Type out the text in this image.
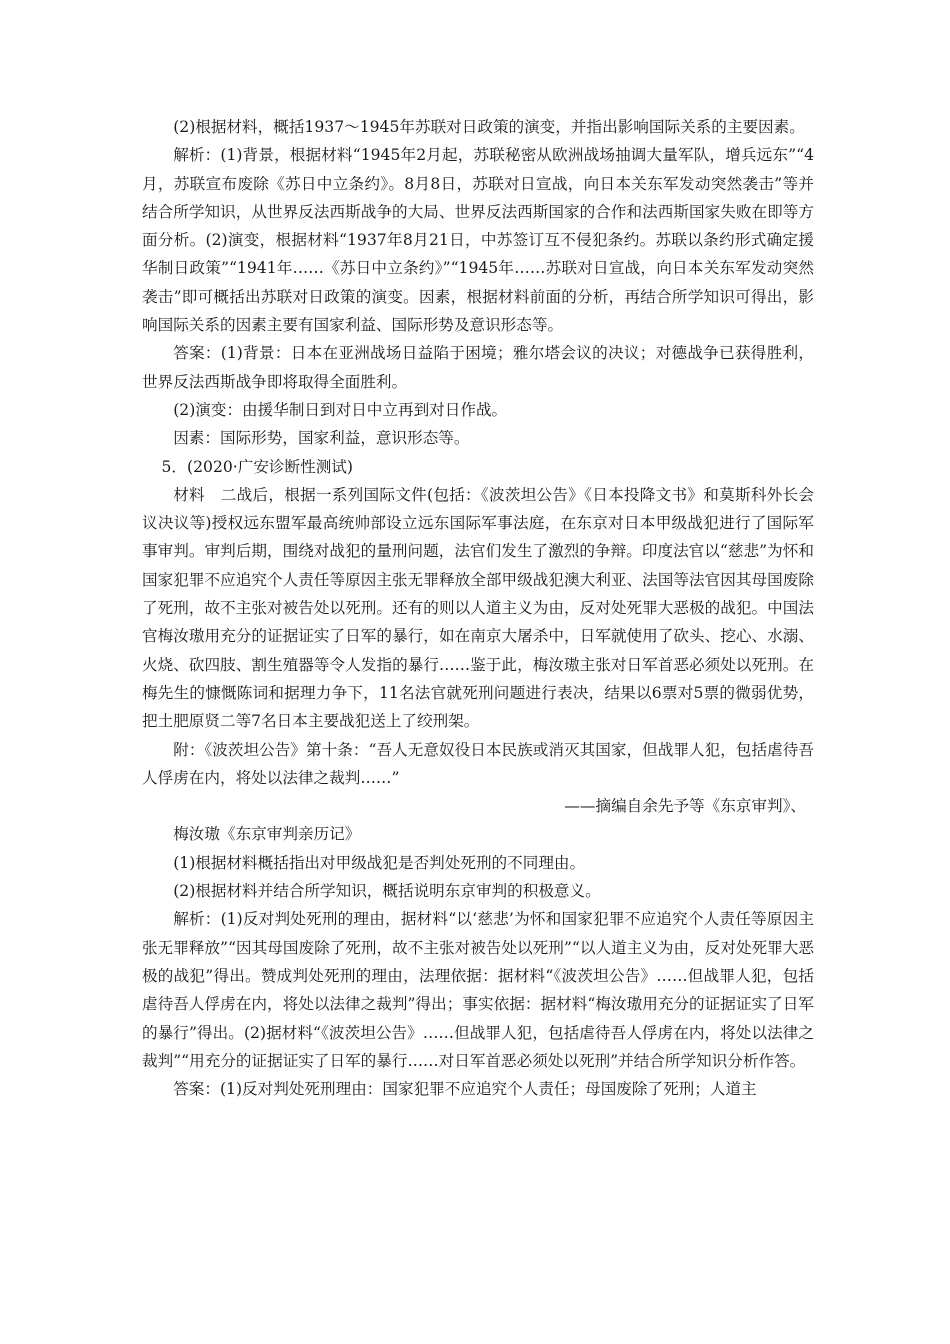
(2)根据材料，概括1937～1945年苏联对日政策的演变，并指出影响国际关系的主要因素。

解析：(1)背景，根据材料“1945年2月起，苏联秘密从欧洲战场抽调大量军队，增兵远东”“4月，苏联宣布废除《苏日中立条约》。8月8日，苏联对日宣战，向日本关东军发动突然袭击”等并结合所学知识，从世界反法西斯战争的大局、世界反法西斯国家的合作和法西斯国家失败在即等方面分析。(2)演变，根据材料“1937年8月21日，中苏签订互不侵犯条约。苏联以条约形式确定援华制日政策”“1941年……《苏日中立条约》”“1945年……苏联对日宣战，向日本关东军发动突然袭击”即可概括出苏联对日政策的演变。因素，根据材料前面的分析，再结合所学知识可得出，影响国际关系的因素主要有国家利益、国际形势及意识形态等。

答案：(1)背景：日本在亚洲战场日益陷于困境；雅尔塔会议的决议；对德战争已获得胜利，世界反法西斯战争即将取得全面胜利。

(2)演变：由援华制日到对日中立再到对日作战。

因素：国际形势，国家利益，意识形态等。

5．(2020·广安诊断性测试)

材料　二战后，根据一系列国际文件(包括：《波茨坦公告》《日本投降文书》和莫斯科外长会议决议等)授权远东盟军最高统帅部设立远东国际军事法庭，在东京对日本甲级战犯进行了国际军事审判。审判后期，围绕对战犯的量刑问题，法官们发生了激烈的争辩。印度法官以“慈悲”为怀和国家犯罪不应追究个人责任等原因主张无罪释放全部甲级战犯澳大利亚、法国等法官因其母国废除了死刑，故不主张对被告处以死刑。还有的则以人道主义为由，反对处死罪大恶极的战犯。中国法官梅汝璈用充分的证据证实了日军的暴行，如在南京大屠杀中，日军就使用了砍头、挖心、水溺、火烧、砍四肢、割生殖器等令人发指的暴行……鉴于此，梅汝璈主张对日军首恶必须处以死刑。在梅先生的慷慨陈词和据理力争下，11名法官就死刑问题进行表决，结果以6票对5票的微弱优势，把土肥原贤二等7名日本主要战犯送上了绞刑架。

附：《波茨坦公告》第十条：“吾人无意奴役日本民族或消灭其国家，但战罪人犯，包括虐待吾人俘虏在内，将处以法律之裁判……”

——摘编自余先予等《东京审判》、

梅汝璈《东京审判亲历记》

(1)根据材料概括指出对甲级战犯是否判处死刑的不同理由。

(2)根据材料并结合所学知识，概括说明东京审判的积极意义。

解析：(1)反对判处死刑的理由，据材料“以‘慈悲’为怀和国家犯罪不应追究个人责任等原因主张无罪释放”“因其母国废除了死刑，故不主张对被告处以死刑”“以人道主义为由，反对处死罪大恶极的战犯”得出。赞成判处死刑的理由，法理依据：据材料“《波茨坦公告》……但战罪人犯，包括虐待吾人俘虏在内，将处以法律之裁判”得出；事实依据：据材料“梅汝璈用充分的证据证实了日军的暴行”得出。(2)据材料“《波茨坦公告》……但战罪人犯，包括虐待吾人俘虏在内，将处以法律之裁判”“用充分的证据证实了日军的暴行……对日军首恶必须处以死刑”并结合所学知识分析作答。

答案：(1)反对判处死刑理由：国家犯罪不应追究个人责任；母国废除了死刑；人道主
